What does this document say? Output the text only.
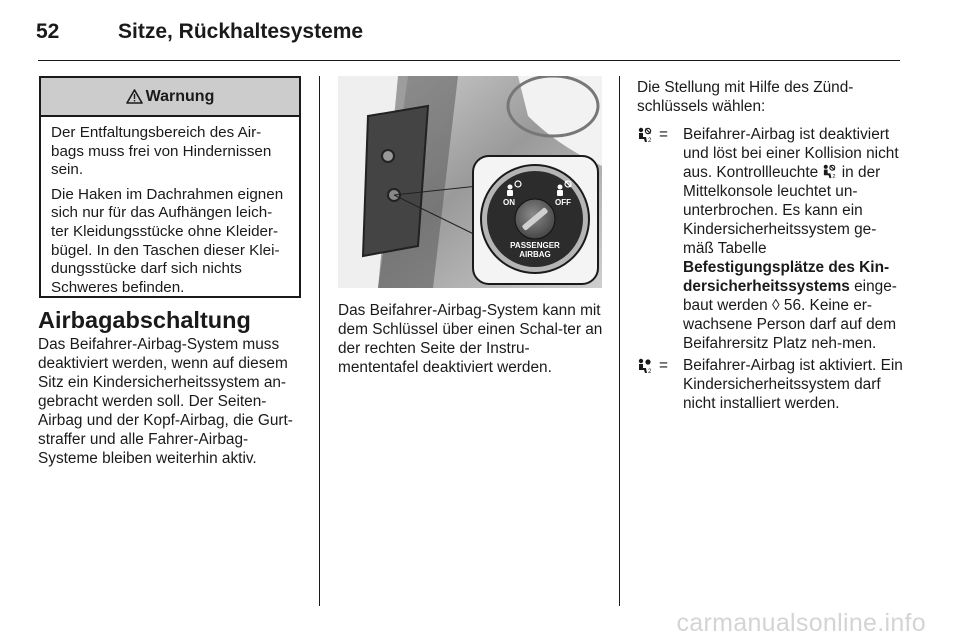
52	Sitze, Rückhaltesysteme
Warnung

Der Entfaltungsbereich des Air-bags muss frei von Hindernissen sein.

Die Haken im Dachrahmen eignen sich nur für das Aufhängen leich-ter Kleidungsstücke ohne Kleider-bügel. In den Taschen dieser Klei-dungsstücke darf sich nichts Schweres befinden.

Airbagabschaltung

Das Beifahrer-Airbag-System muss deaktiviert werden, wenn auf diesem Sitz ein Kindersicherheitssystem an-gebracht werden soll. Der Seiten-Airbag und der Kopf-Airbag, die Gurt-straffer und alle Fahrer-Airbag-Systeme bleiben weiterhin aktiv.

ON	OFF
PASSENGER
AIRBAG

Das Beifahrer-Airbag-System kann mit dem Schlüssel über einen Schal-ter an der rechten Seite der Instru-mententafel deaktiviert werden.

Die Stellung mit Hilfe des Zünd-schlüssels wählen:

2 = Beifahrer-Airbag ist deaktiviert und löst bei einer Kollision nicht aus. Kontrollleuchte 2 in der Mittelkonsole leuchtet un-unterbrochen. Es kann ein Kindersicherheitssystem ge-mäß Tabelle Befestigungsplätze des Kin-dersicherheitssystems einge-baut werden ◊ 56. Keine er-wachsene Person darf auf dem Beifahrersitz Platz neh-men.
2 = Beifahrer-Airbag ist aktiviert. Ein Kindersicherheitssystem darf nicht installiert werden.
carmanualsonline.info
